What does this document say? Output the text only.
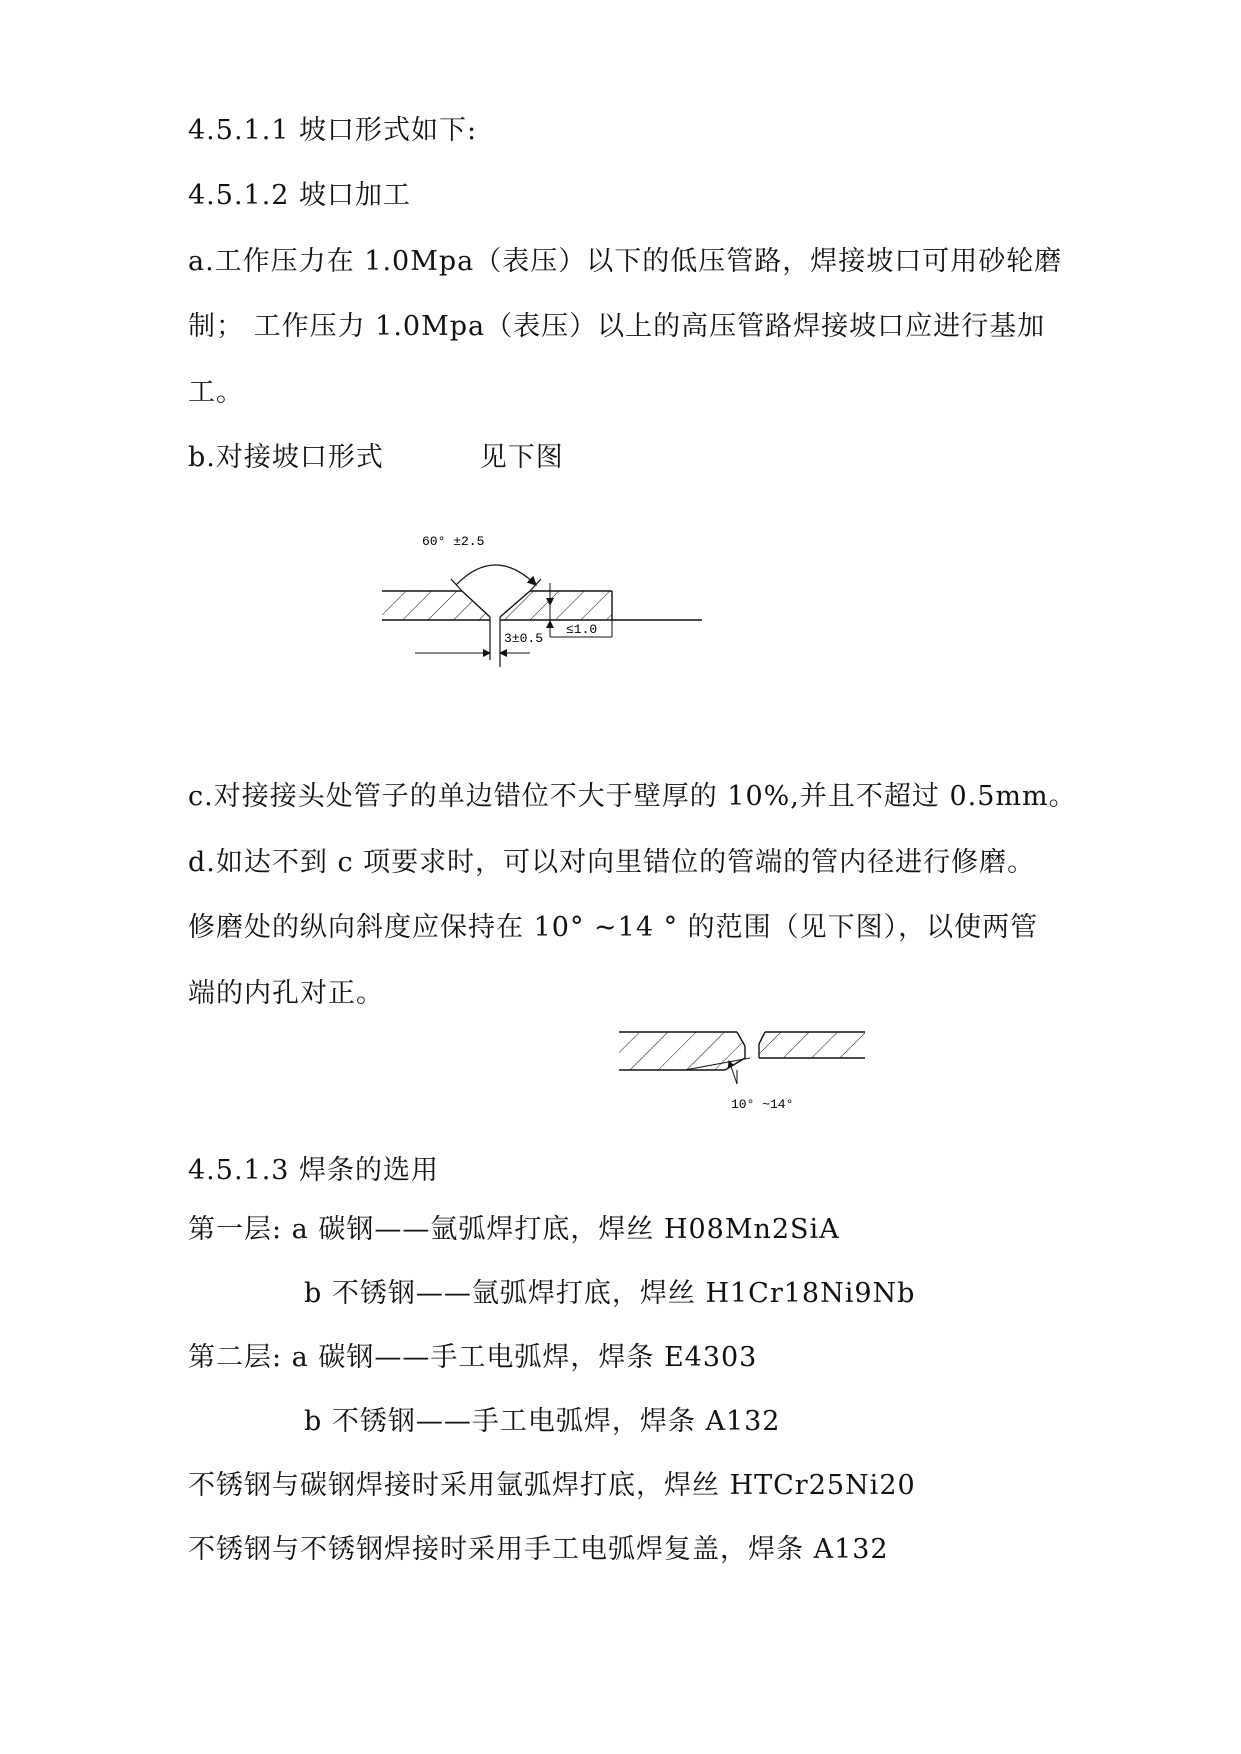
4.5.1.1 坡口形式如下:
4.5.1.2 坡口加工
a.工作压力在 1.0Mpa（表压）以下的低压管路，焊接坡口可用砂轮磨
制； 工作压力 1.0Mpa（表压）以上的高压管路焊接坡口应进行基加
工。
b.对接坡口形式          见下图
60° ±2.5
3±0.5
≤1.0
c.对接接头处管子的单边错位不大于壁厚的 10%,并且不超过 0.5mm。
d.如达不到 c 项要求时，可以对向里错位的管端的管内径进行修磨。
修磨处的纵向斜度应保持在 10° ~14 ° 的范围（见下图），以使两管
端的内孔对正。
10° ~14°
4.5.1.3 焊条的选用
第一层: a 碳钢——氩弧焊打底，焊丝 H08Mn2SiA
b 不锈钢——氩弧焊打底，焊丝 H1Cr18Ni9Nb
第二层: a 碳钢——手工电弧焊，焊条 E4303
b 不锈钢——手工电弧焊，焊条 A132
不锈钢与碳钢焊接时采用氩弧焊打底，焊丝 HTCr25Ni20
不锈钢与不锈钢焊接时采用手工电弧焊复盖，焊条 A132
